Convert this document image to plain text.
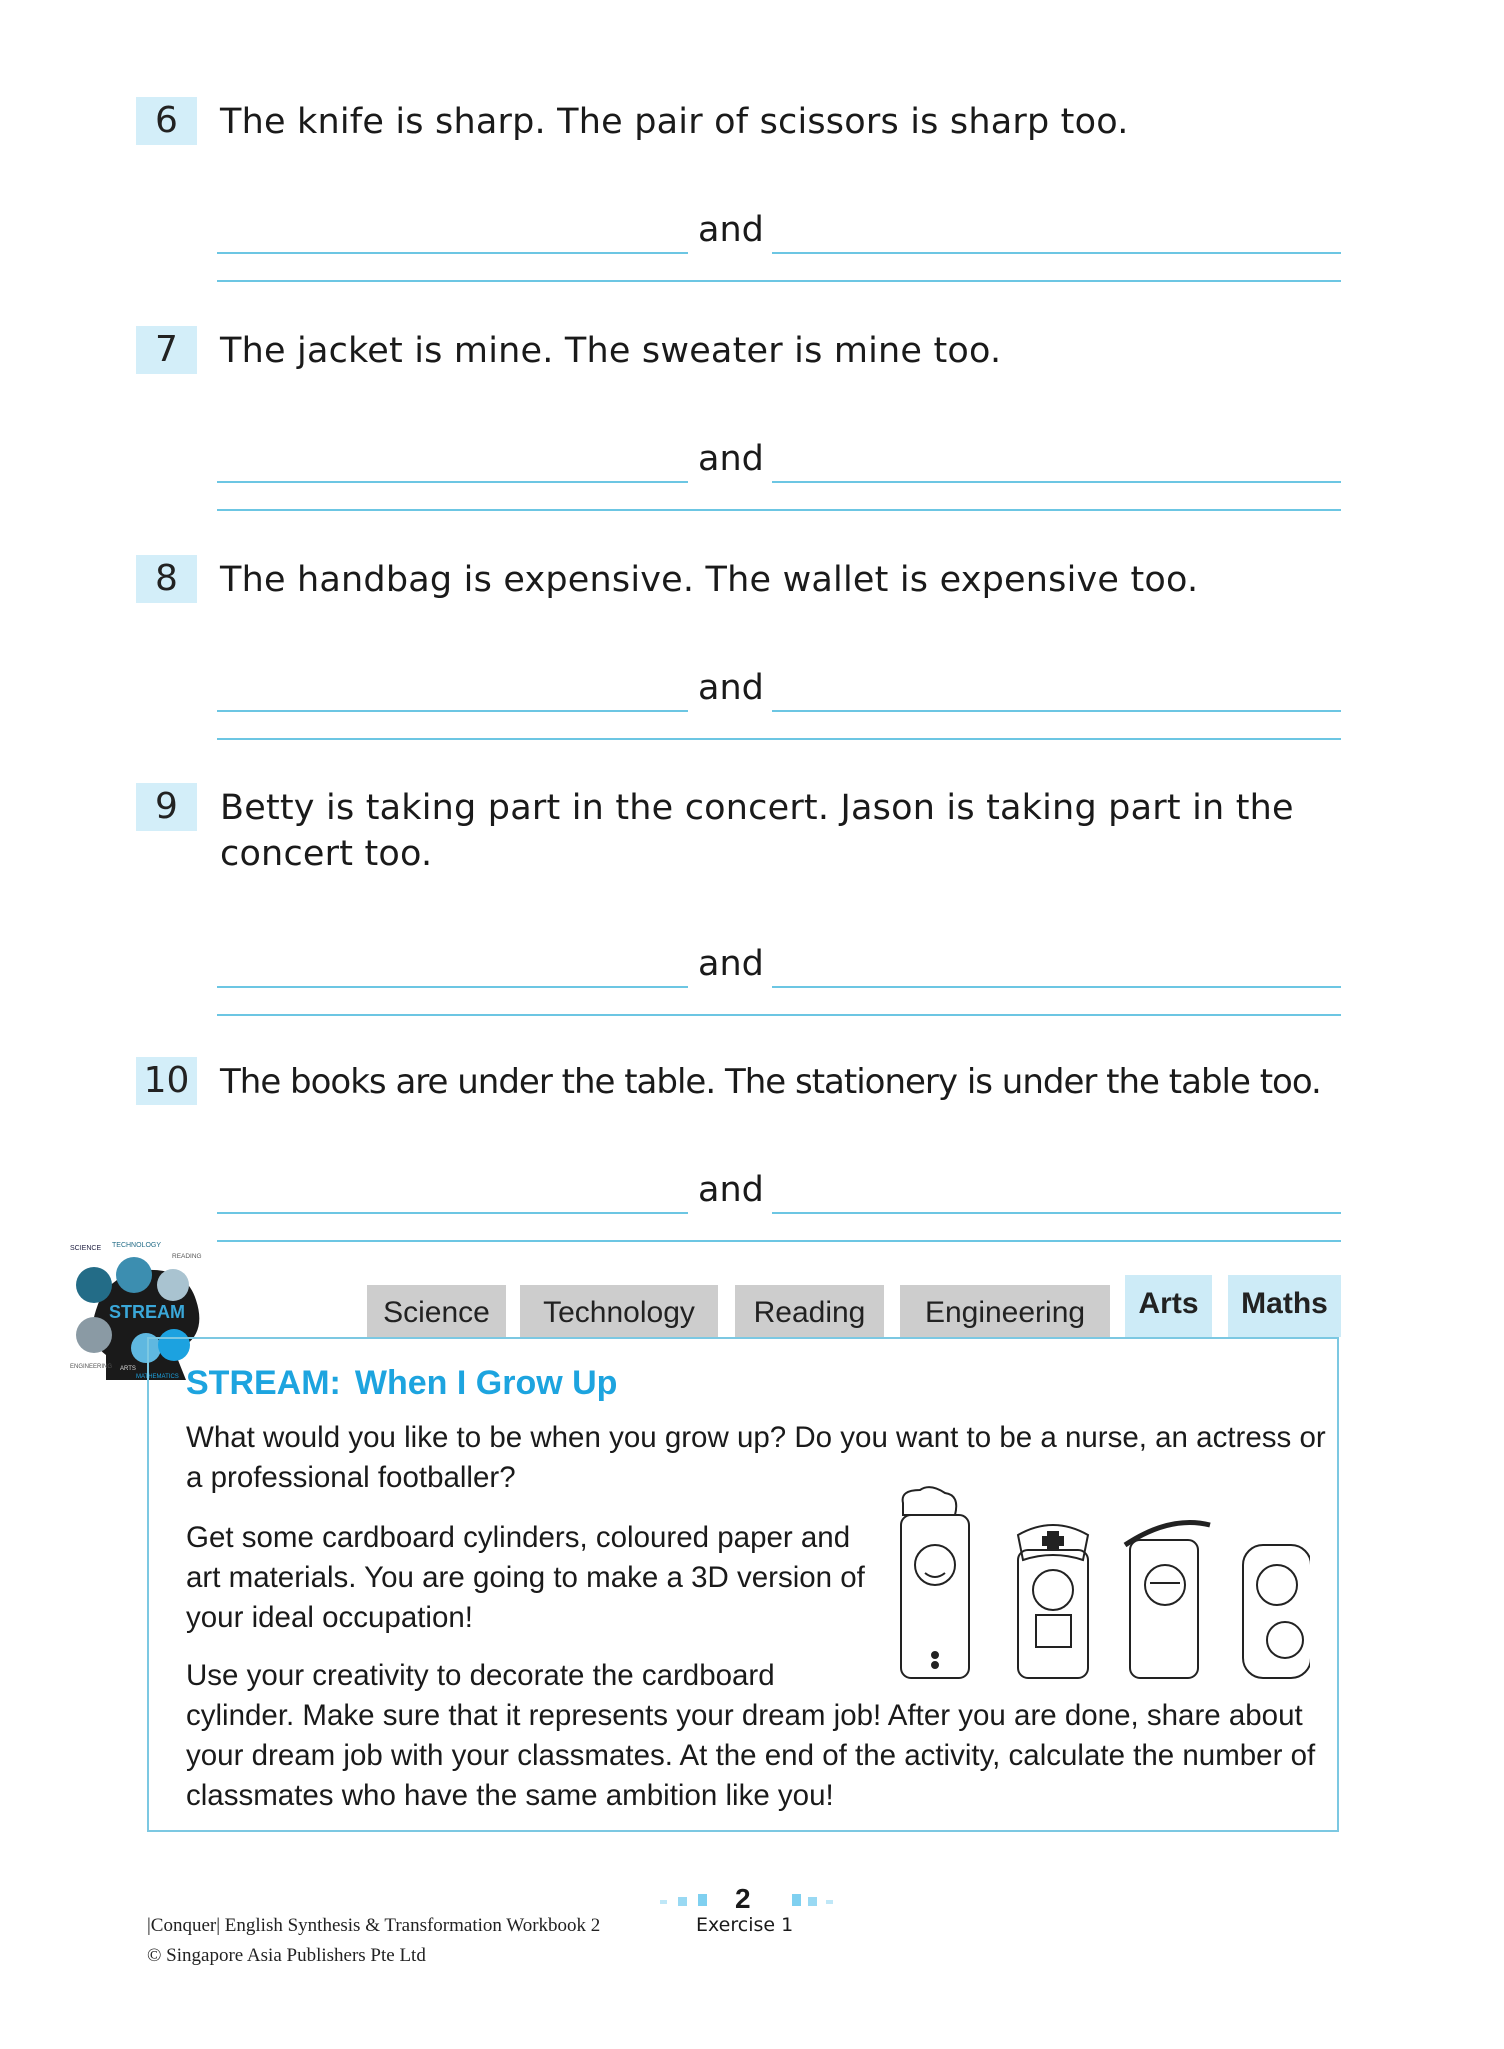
6	The knife is sharp. The pair of scissors is sharp too.
and
7	The jacket is mine. The sweater is mine too.
and
8	The handbag is expensive. The wallet is expensive too.
and
9	Betty is taking part in the concert. Jason is taking part in the concert too.
and
10 The books are under the table. The stationery is under the table too.
and
SCIENCE TECHNOLOGY
READING
STREAM
ENGINEERING ARTS
MATHEMATICS
Science	Technology	Reading	Engineering	Arts	Maths
STREAM: When I Grow Up
What would you like to be when you grow up? Do you want to be a nurse, an actress or a professional footballer?
Get some cardboard cylinders, coloured paper and art materials. You are going to make a 3D version of your ideal occupation!
Use your creativity to decorate the cardboard cylinder. Make sure that it represents your dream job! After you are done, share about your dream job with your classmates. At the end of the activity, calculate the number of classmates who have the same ambition like you!
2
Exercise 1
|Conquer| English Synthesis & Transformation Workbook 2
© Singapore Asia Publishers Pte Ltd
